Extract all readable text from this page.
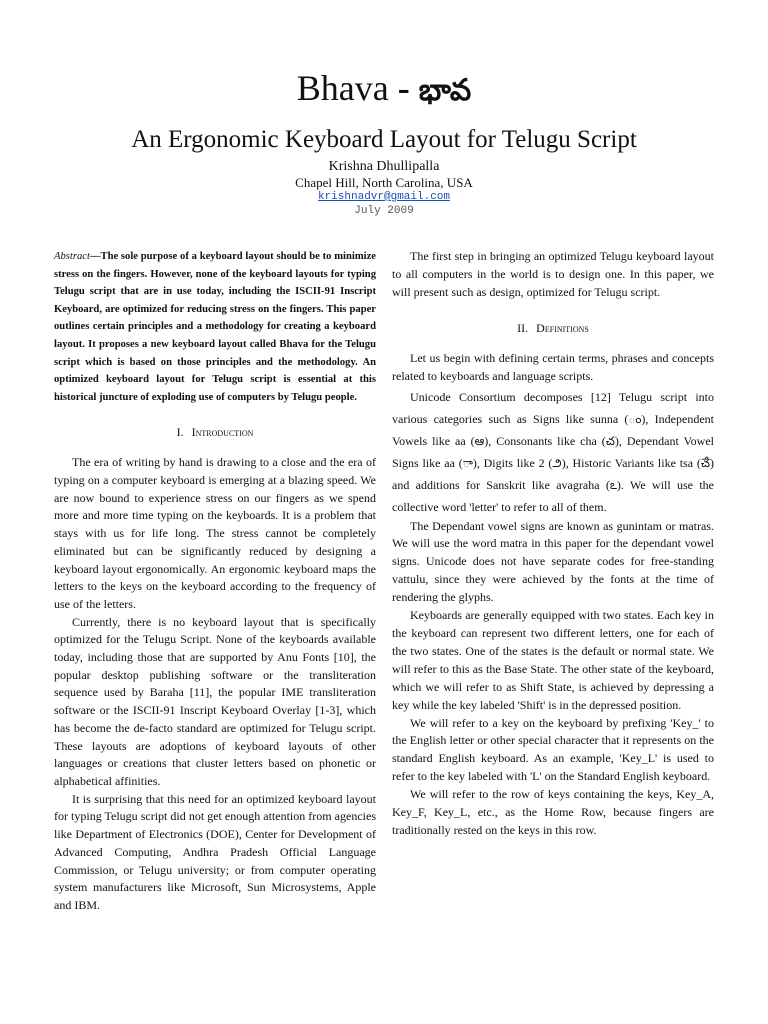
Bhava - భావ
An Ergonomic Keyboard Layout for Telugu Script
Krishna Dhullipalla
Chapel Hill, North Carolina, USA
krishnadvr@gmail.com
July 2009

Abstract—The sole purpose of a keyboard layout should be to minimize stress on the fingers. However, none of the keyboard layouts for typing Telugu script that are in use today, including the ISCII-91 Inscript Keyboard, are optimized for reducing stress on the fingers. This paper outlines certain principles and a methodology for creating a keyboard layout. It proposes a new keyboard layout called Bhava for the Telugu script which is based on those principles and the methodology. An optimized keyboard layout for Telugu script is essential at this historical juncture of exploding use of computers by Telugu people.

I. Introduction

The era of writing by hand is drawing to a close and the era of typing on a computer keyboard is emerging at a blazing speed. We are now bound to experience stress on our fingers as we spend more and more time typing on the keyboards. It is a problem that stays with us for life long. The stress cannot be completely eliminated but can be significantly reduced by designing a keyboard layout ergonomically. An ergonomic keyboard maps the letters to the keys on the keyboard according to the frequency of use of the letters.

Currently, there is no keyboard layout that is specifically optimized for the Telugu Script. None of the keyboards available today, including those that are supported by Anu Fonts [10], the popular desktop publishing software or the transliteration sequence used by Baraha [11], the popular IME transliteration software or the ISCII-91 Inscript Keyboard Overlay [1-3], which has become the de-facto standard are optimized for Telugu script. These layouts are adoptions of keyboard layouts of other languages or creations that cluster letters based on phonetic or alphabetical affinities.

It is surprising that this need for an optimized keyboard layout for typing Telugu script did not get enough attention from agencies like Department of Electronics (DOE), Center for Development of Advanced Computing, Andhra Pradesh Official Language Commission, or Telugu university; or from computer operating system manufacturers like Microsoft, Sun Microsystems, Apple and IBM.

The first step in bringing an optimized Telugu keyboard layout to all computers in the world is to design one. In this paper, we will present such as design, optimized for Telugu script.

II. Definitions

Let us begin with defining certain terms, phrases and concepts related to keyboards and language scripts.

Unicode Consortium decomposes [12] Telugu script into various categories such as Signs like sunna (ం), Independent Vowels like aa (ఆ), Consonants like cha (చ), Dependant Vowel Signs like aa (ా), Digits like 2 (౨), Historic Variants like tsa (ౘ) and additions for Sanskrit like avagraha (ఽ). We will use the collective word 'letter' to refer to all of them.

The Dependant vowel signs are known as gunintam or matras. We will use the word matra in this paper for the dependant vowel signs. Unicode does not have separate codes for free-standing vattulu, since they were achieved by the fonts at the time of rendering the glyphs.

Keyboards are generally equipped with two states. Each key in the keyboard can represent two different letters, one for each of the two states. One of the states is the default or normal state. We will refer to this as the Base State. The other state of the keyboard, which we will refer to as Shift State, is achieved by depressing a key while the key labeled 'Shift' is in the depressed position.

We will refer to a key on the keyboard by prefixing 'Key_' to the English letter or other special character that it represents on the standard English keyboard. As an example, 'Key_L' is used to refer to the key labeled with 'L' on the Standard English keyboard.

We will refer to the row of keys containing the keys, Key_A, Key_F, Key_L, etc., as the Home Row, because fingers are traditionally rested on the keys in this row.
